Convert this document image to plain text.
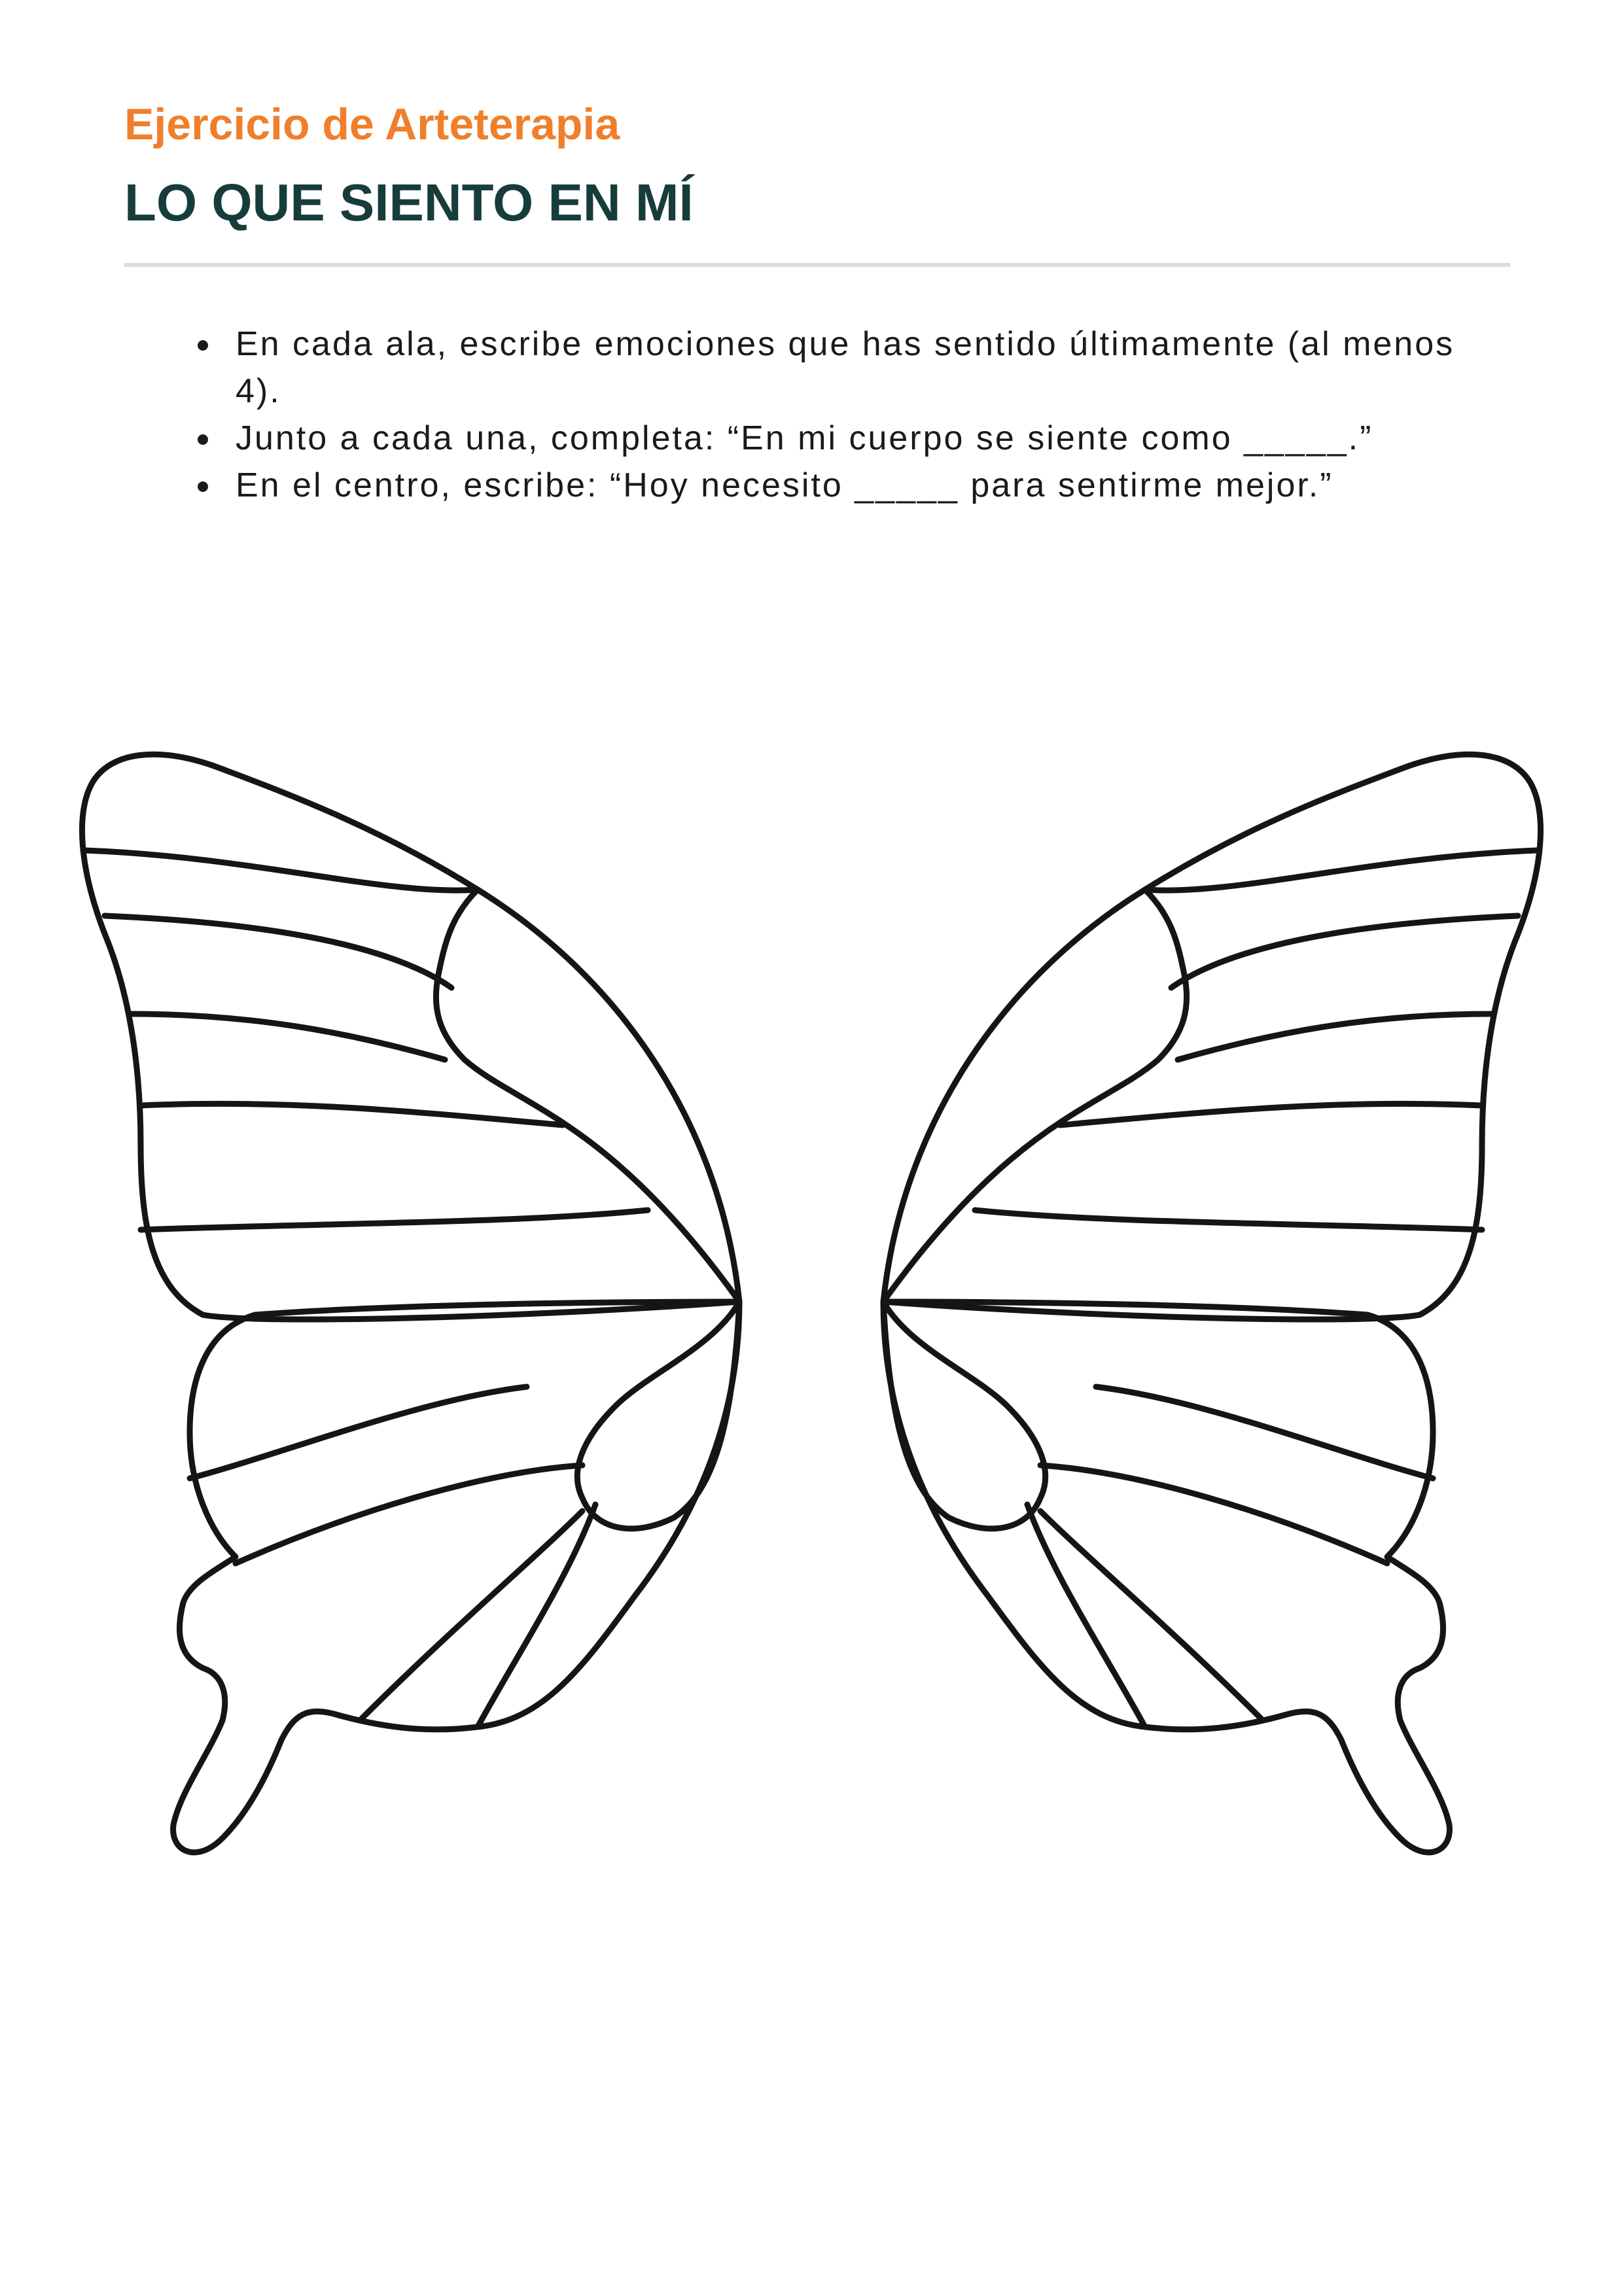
Ejercicio de Arteterapia
LO QUE SIENTO EN MÍ
En cada ala, escribe emociones que has sentido últimamente (al menos 4).
Junto a cada una, completa: “En mi cuerpo se siente como _____.”
En el centro, escribe: “Hoy necesito _____ para sentirme mejor.”
